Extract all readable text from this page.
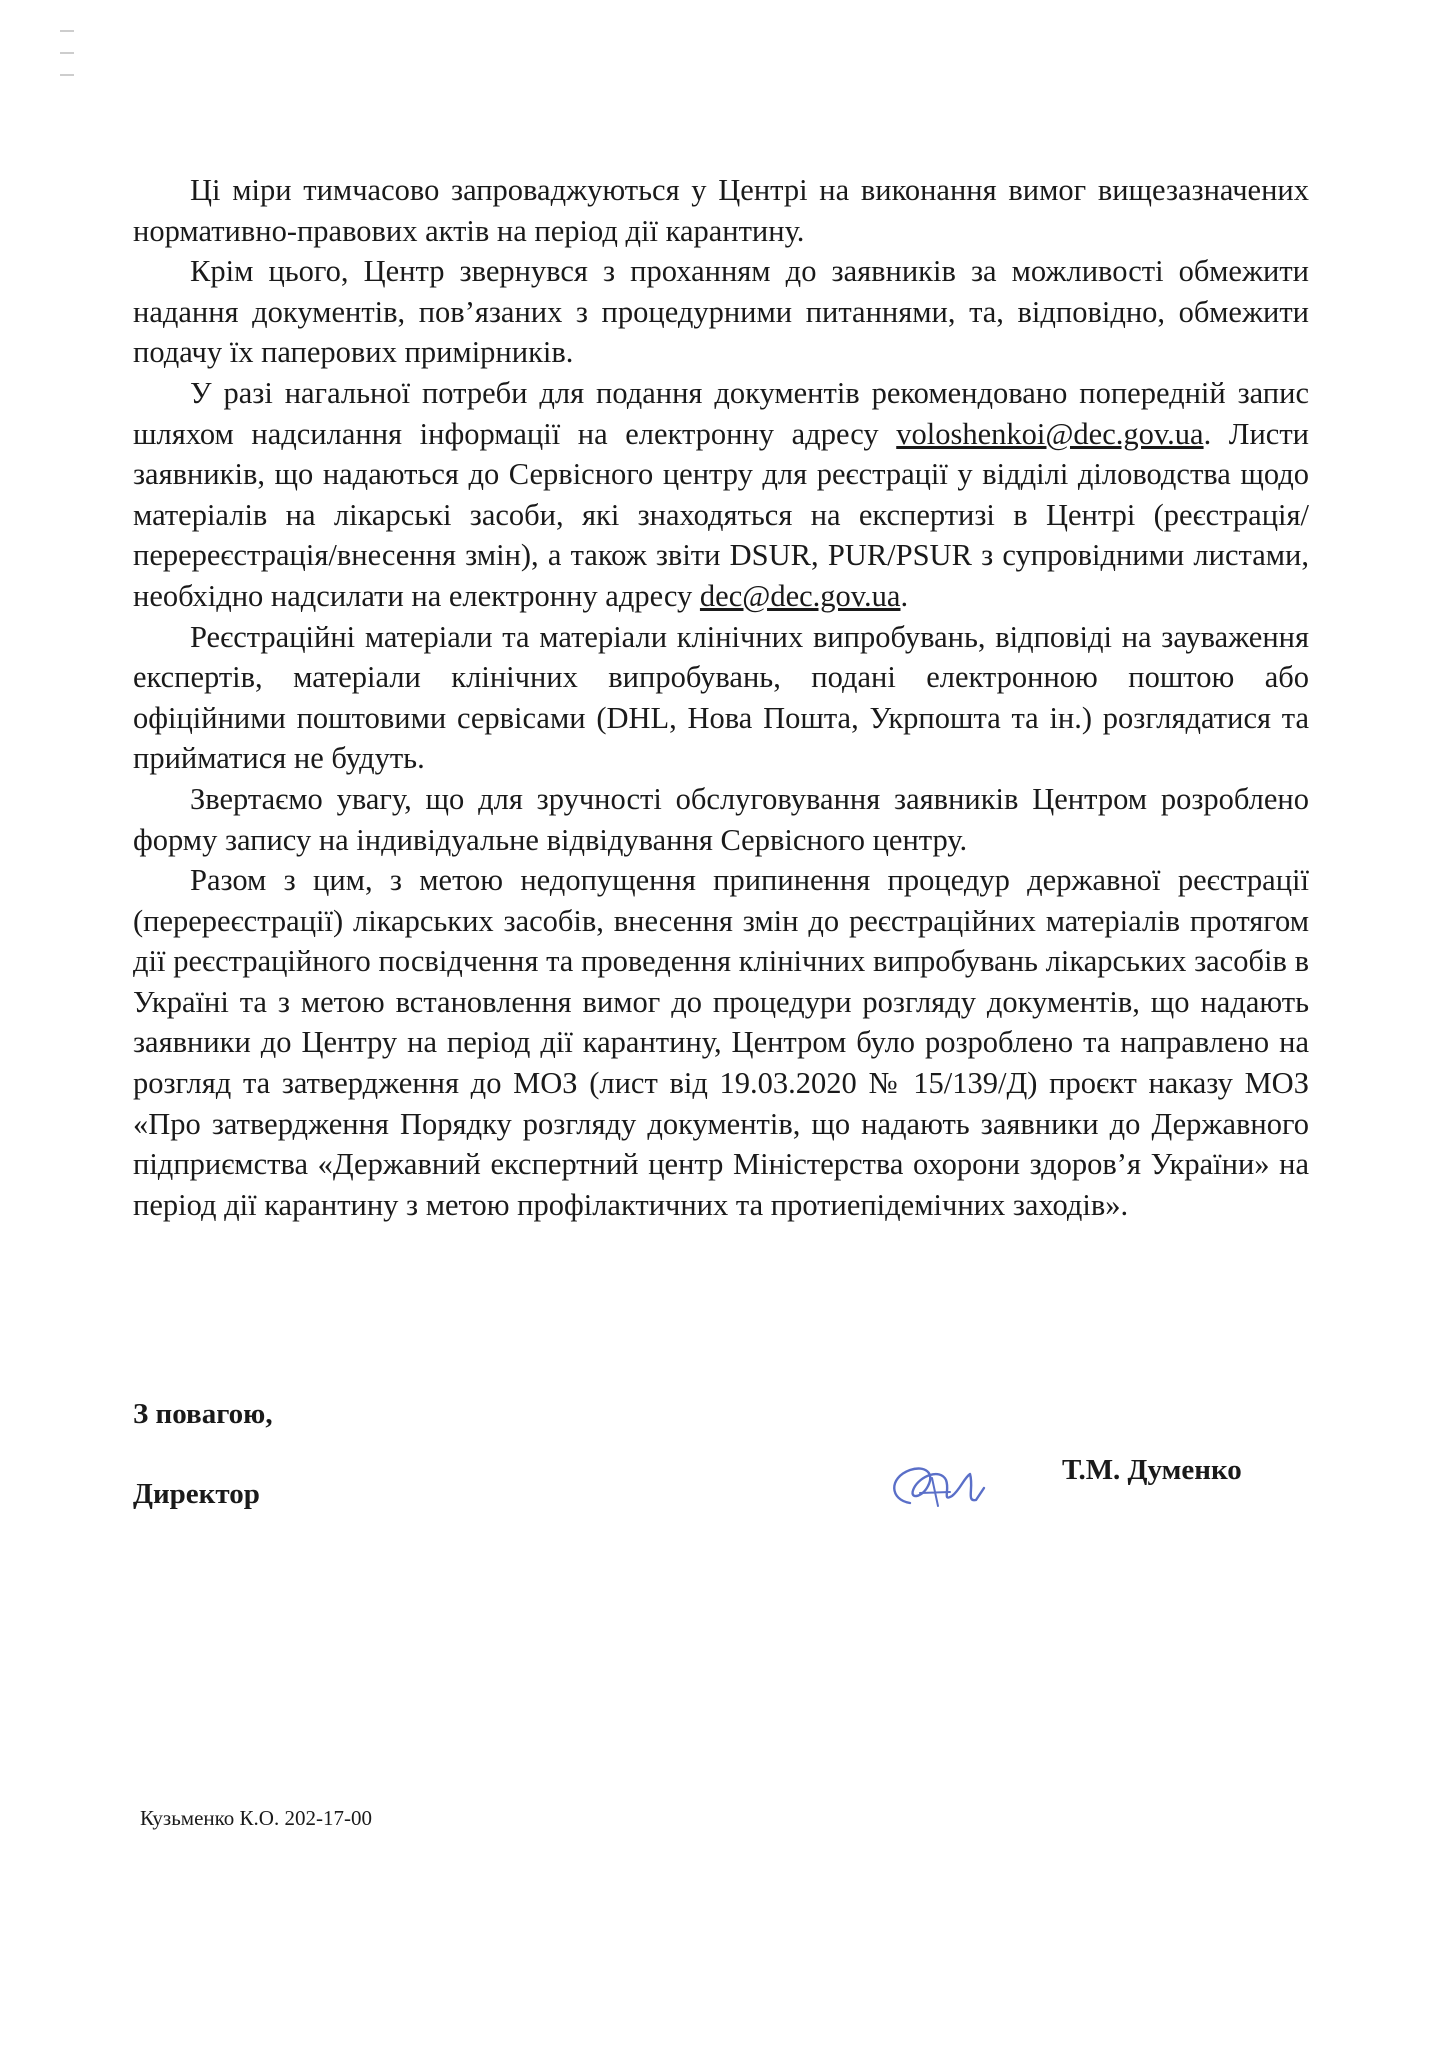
Ці міри тимчасово запроваджуються у Центрі на виконання вимог вищезазначених нормативно-правових актів на період дії карантину.

Крім цього, Центр звернувся з проханням до заявників за можливості обмежити надання документів, пов’язаних з процедурними питаннями, та, відповідно, обмежити подачу їх паперових примірників.

У разі нагальної потреби для подання документів рекомендовано попередній запис шляхом надсилання інформації на електронну адресу voloshenkoi@dec.gov.ua. Листи заявників, що надаються до Сервісного центру для реєстрації у відділі діловодства щодо матеріалів на лікарські засоби, які знаходяться на експертизі в Центрі (реєстрація/перереєстрація/внесення змін), а також звіти DSUR, PUR/PSUR з супровідними листами, необхідно надсилати на електронну адресу dec@dec.gov.ua.

Реєстраційні матеріали та матеріали клінічних випробувань, відповіді на зауваження експертів, матеріали клінічних випробувань, подані електронною поштою або офіційними поштовими сервісами (DHL, Нова Пошта, Укрпошта та ін.) розглядатися та прийматися не будуть.

Звертаємо увагу, що для зручності обслуговування заявників Центром розроблено форму запису на індивідуальне відвідування Сервісного центру.

Разом з цим, з метою недопущення припинення процедур державної реєстрації (перереєстрації) лікарських засобів, внесення змін до реєстраційних матеріалів протягом дії реєстраційного посвідчення та проведення клінічних випробувань лікарських засобів в Україні та з метою встановлення вимог до процедури розгляду документів, що надають заявники до Центру на період дії карантину, Центром було розроблено та направлено на розгляд та затвердження до МОЗ (лист від 19.03.2020 № 15/139/Д) проєкт наказу МОЗ «Про затвердження Порядку розгляду документів, що надають заявники до Державного підприємства «Державний експертний центр Міністерства охорони здоров’я України» на період дії карантину з метою профілактичних та протиепідемічних заходів».

З повагою,
Директор
Т.М. Думенко
Кузьменко К.О. 202-17-00
